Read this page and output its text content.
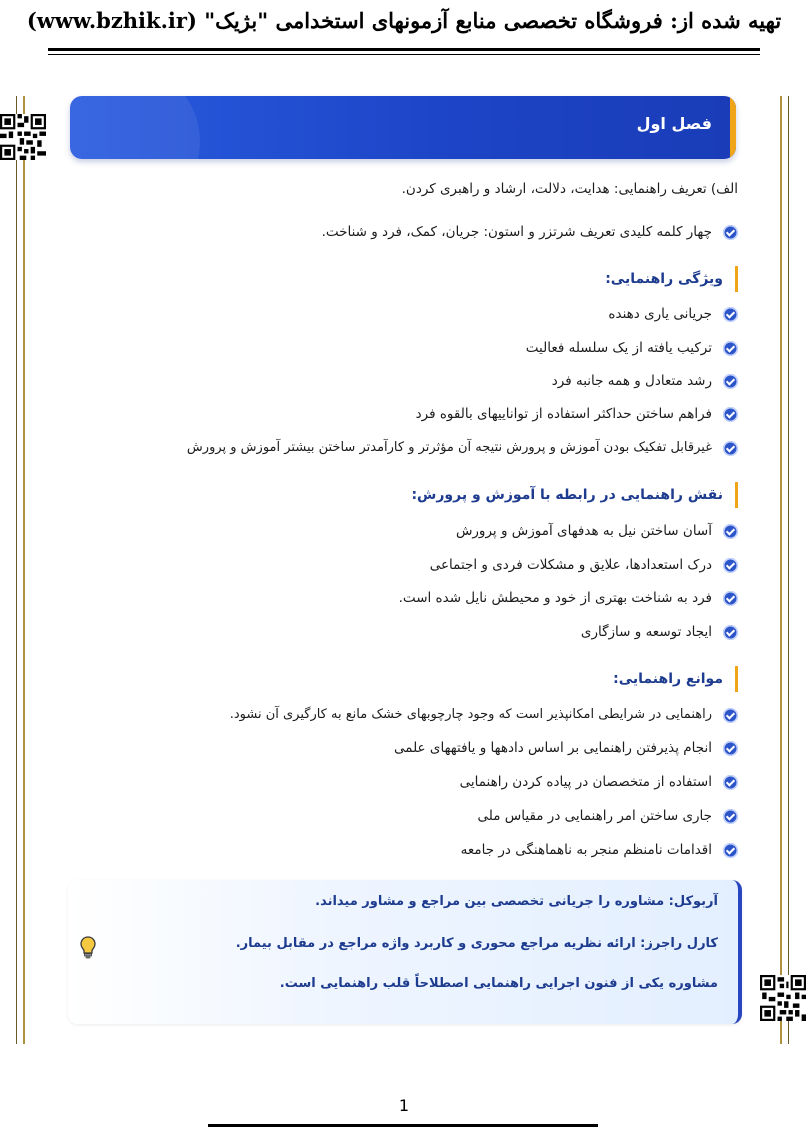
تهیه شده از: فروشگاه تخصصی منابع آزمونهای استخدامی "بژیک" (www.bzhik.ir)
فصل اول
الف) تعریف راهنمایی: هدایت، دلالت، ارشاد و راهبری کردن.
چهار کلمه کلیدی تعریف شرتزر و استون: جریان، کمک، فرد و شناخت.
ویژگی راهنمایی:
جریانی یاری دهنده
ترکیب یافته از یک سلسله فعالیت
رشد متعادل و همه جانبه فرد
فراهم ساختن حداکثر استفاده از تواناییهای بالقوه فرد
غیرقابل تفکیک بودن آموزش و پرورش نتیجه آن مؤثرتر و کارآمدتر ساختن بیشتر آموزش و پرورش
نقش راهنمایی در رابطه با آموزش و پرورش:
آسان ساختن نیل به هدفهای آموزش و پرورش
درک استعدادها، علایق و مشکلات فردی و اجتماعی
فرد به شناخت بهتری از خود و محیطش نایل شده است.
ایجاد توسعه و سازگاری
موانع راهنمایی:
راهنمایی در شرایطی امکانپذیر است که وجود چارچوبهای خشک مانع به کارگیری آن نشود.
انجام پذیرفتن راهنمایی بر اساس دادهها و یافتههای علمی
استفاده از متخصصان در پیاده کردن راهنمایی
جاری ساختن امر راهنمایی در مقیاس ملی
اقدامات نامنظم منجر به ناهماهنگی در جامعه
آربوکل: مشاوره را جریانی تخصصی بین مراجع و مشاور میداند.
کارل راجرز: ارائه نظریه مراجع محوری و کاربرد واژه مراجع در مقابل بیمار.
مشاوره یکی از فنون اجرایی راهنمایی اصطلاحاً قلب راهنمایی است.
1
